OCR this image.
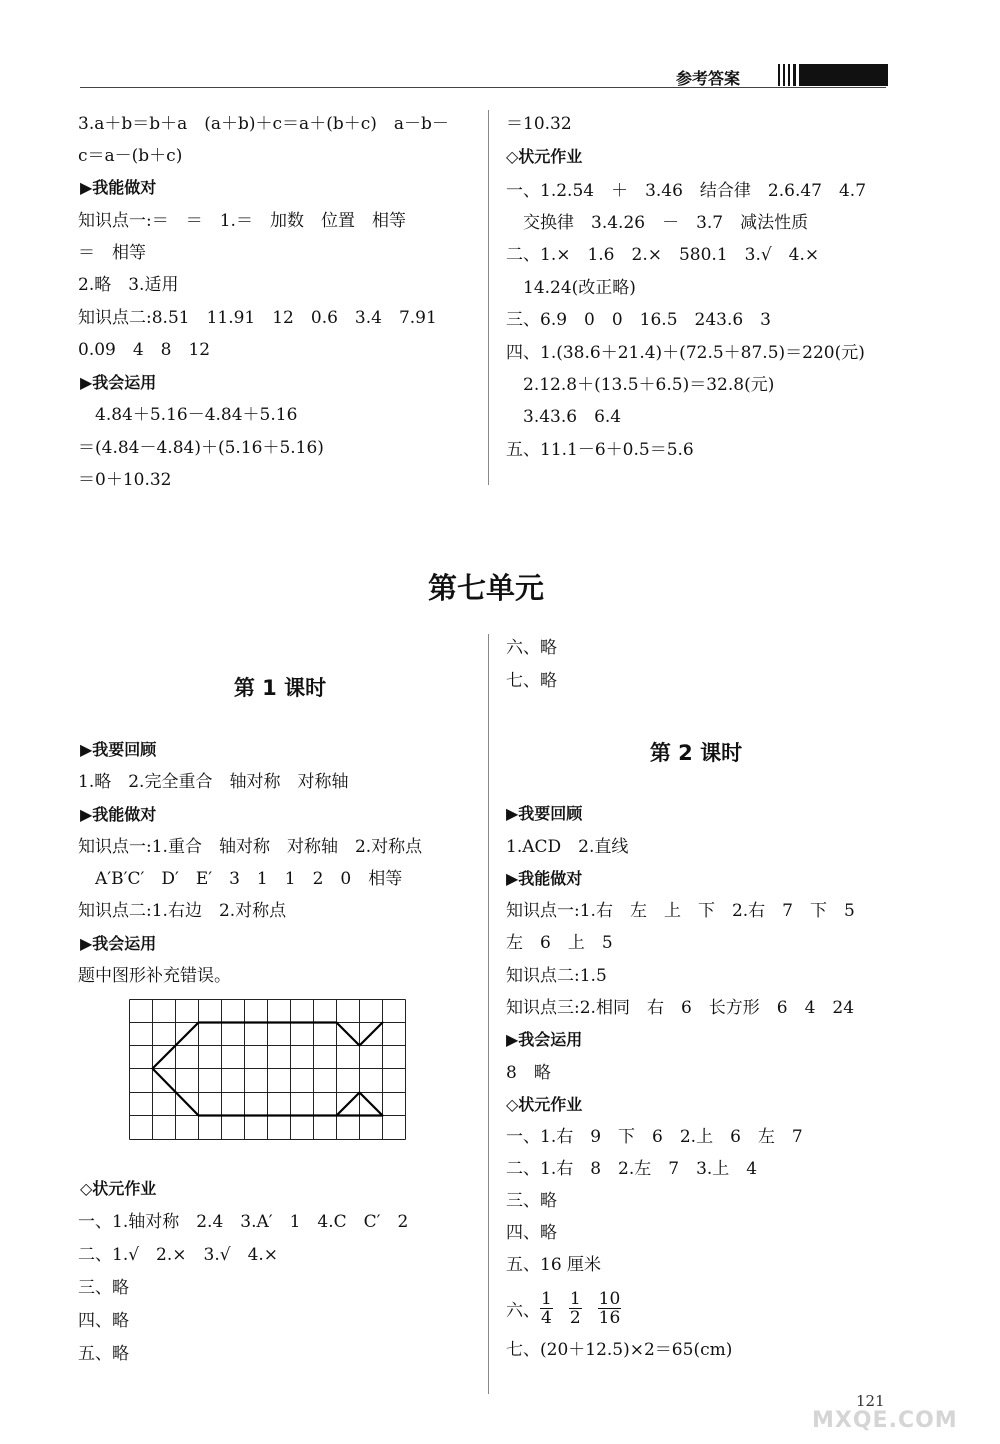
参考答案
3.a＋b＝b＋a　(a＋b)＋c＝a＋(b＋c)　a－b－
c＝a－(b＋c)
▶我能做对
知识点一:＝　＝　1.＝　加数　位置　相等
＝　相等
2.略　3.适用
知识点二:8.51　11.91　12　0.6　3.4　7.91
0.09　4　8　12
▶我会运用
　4.84＋5.16－4.84＋5.16
＝(4.84－4.84)＋(5.16＋5.16)
＝0＋10.32
＝10.32
◇状元作业
一、1.2.54　＋　3.46　结合律　2.6.47　4.7
　交换律　3.4.26　－　3.7　减法性质
二、1.×　1.6　2.×　580.1　3.√　4.×
　14.24(改正略)
三、6.9　0　0　16.5　243.6　3
四、1.(38.6＋21.4)＋(72.5＋87.5)＝220(元)
　2.12.8＋(13.5＋6.5)＝32.8(元)
　3.43.6　6.4
五、11.1－6＋0.5＝5.6
第七单元
第 1 课时
▶我要回顾
1.略　2.完全重合　轴对称　对称轴
▶我能做对
知识点一:1.重合　轴对称　对称轴　2.对称点
　A′B′C′　D′　E′　3　1　1　2　0　相等
知识点二:1.右边　2.对称点
▶我会运用
题中图形补充错误。
◇状元作业
一、1.轴对称　2.4　3.A′　1　4.C　C′　2
二、1.√　2.×　3.√　4.×
三、略
四、略
五、略
六、略
七、略
第 2 课时
▶我要回顾
1.ACD　2.直线
▶我能做对
知识点一:1.右　左　上　下　2.右　7　下　5
左　6　上　5
知识点二:1.5
知识点三:2.相同　右　6　长方形　6　4　24
▶我会运用
8　略
◇状元作业
一、1.右　9　下　6　2.上　6　左　7
二、1.右　8　2.左　7　3.上　4
三、略
四、略
五、16 厘米
六、 $\frac{1}{4} \frac{1}{2} \frac{10}{16}$
七、(20＋12.5)×2＝65(cm)
121
MXQE.COM
